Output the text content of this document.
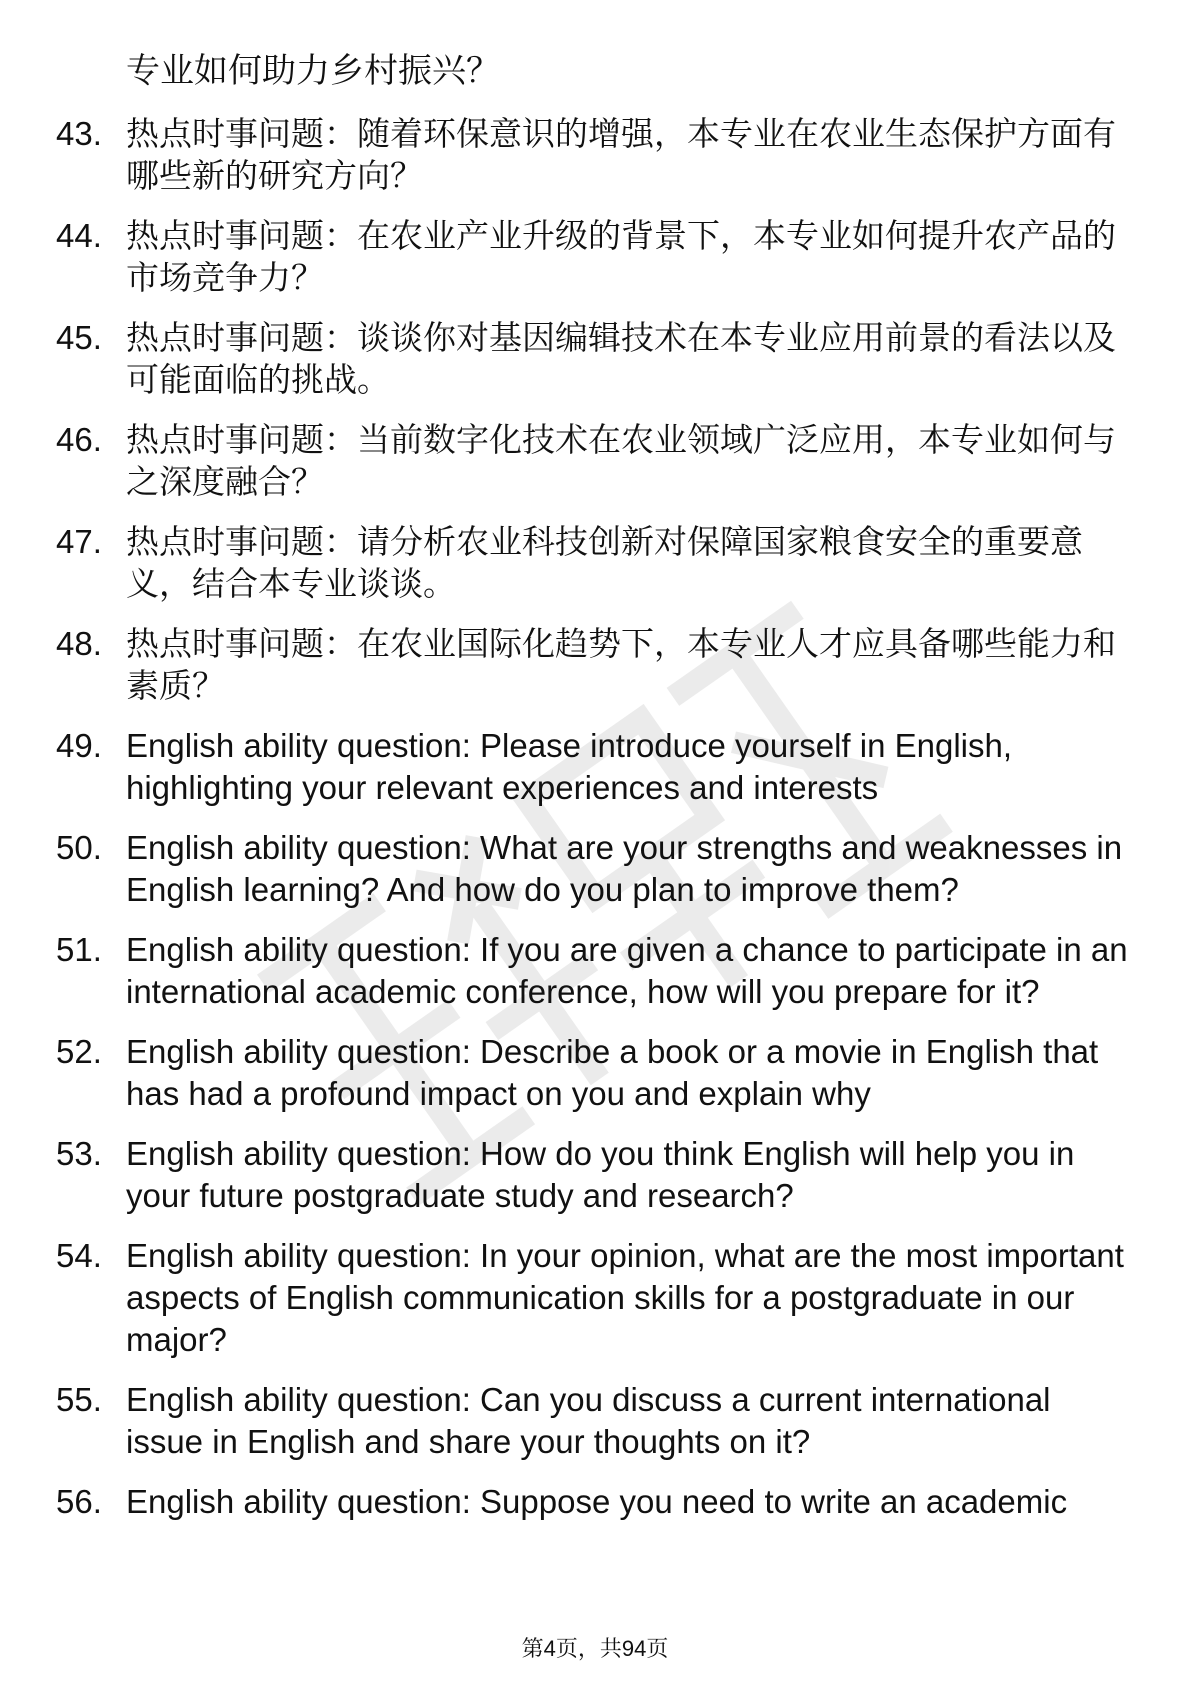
专业如何助力乡村振兴？
43. 热点时事问题：随着环保意识的增强，本专业在农业生态保护方面有哪些新的研究方向？
44. 热点时事问题：在农业产业升级的背景下，本专业如何提升农产品的市场竞争力？
45. 热点时事问题：谈谈你对基因编辑技术在本专业应用前景的看法以及可能面临的挑战。
46. 热点时事问题：当前数字化技术在农业领域广泛应用，本专业如何与之深度融合？
47. 热点时事问题：请分析农业科技创新对保障国家粮食安全的重要意义，结合本专业谈谈。
48. 热点时事问题：在农业国际化趋势下，本专业人才应具备哪些能力和素质？
49. English ability question: Please introduce yourself in English, highlighting your relevant experiences and interests
50. English ability question: What are your strengths and weaknesses in English learning? And how do you plan to improve them?
51. English ability question: If you are given a chance to participate in an international academic conference, how will you prepare for it?
52. English ability question: Describe a book or a movie in English that has had a profound impact on you and explain why
53. English ability question: How do you think English will help you in your future postgraduate study and research?
54. English ability question: In your opinion, what are the most important aspects of English communication skills for a postgraduate in our major?
55. English ability question: Can you discuss a current international issue in English and share your thoughts on it?
56. English ability question: Suppose you need to write an academic
第4页，共94页
